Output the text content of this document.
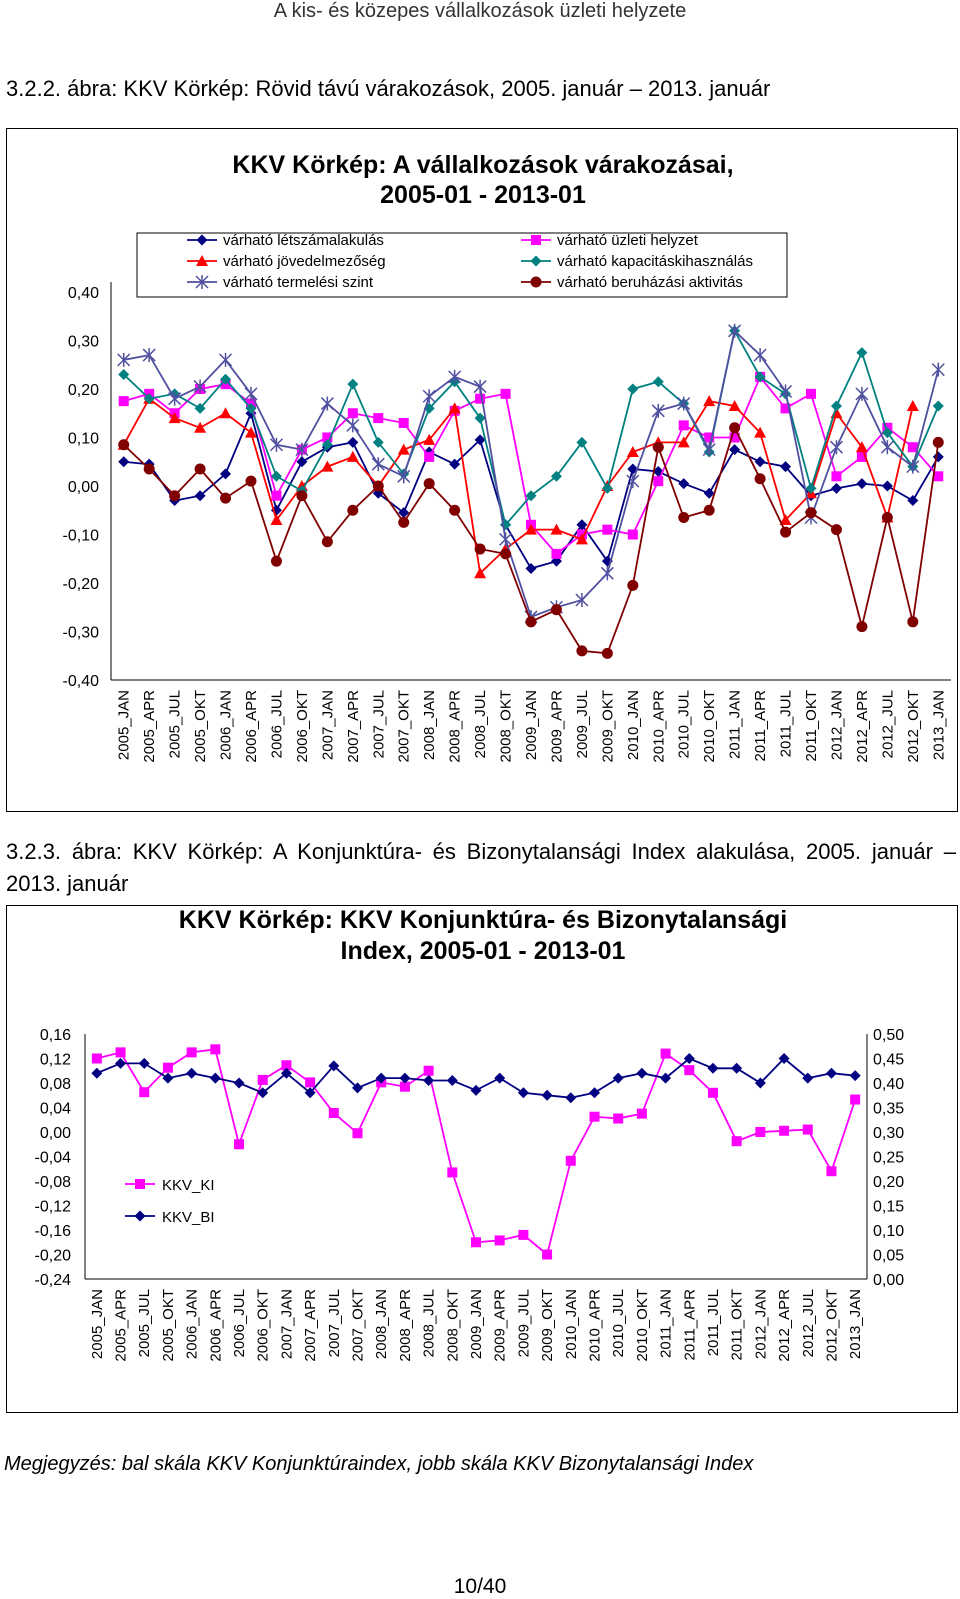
A kis- és közepes vállalkozások üzleti helyzete
3.2.2. ábra: KKV Körkép: Rövid távú várakozások, 2005. január – 2013. január
KKV Körkép: A vállalkozások várakozásai,
2005-01 - 2013-01
várható létszámalakulás
várható jövedelmezőség
várható termelési szint
várható üzleti helyzet
várható kapacitáskihasználás
várható beruházási aktivitás
0,40
0,30
0,20
0,10
0,00
-0,10
-0,20
-0,30
-0,40
2005_JAN 2005_APR 2005_JUL 2005_OKT 2006_JAN 2006_APR 2006_JUL 2006_OKT 2007_JAN 2007_APR 2007_JUL 2007_OKT 2008_JAN 2008_APR 2008_JUL 2008_OKT 2009_JAN 2009_APR 2009_JUL 2009_OKT 2010_JAN 2010_APR 2010_JUL 2010_OKT 2011_JAN 2011_APR 2011_JUL 2011_OKT 2012_JAN 2012_APR 2012_JUL 2012_OKT 2013_JAN
3.2.3. ábra: KKV Körkép: A Konjunktúra- és Bizonytalansági Index alakulása, 2005. január – 2013. január
KKV Körkép: KKV Konjunktúra- és Bizonytalansági
Index, 2005-01 - 2013-01
0,16
0,12
0,08
0,04
0,00
-0,04
-0,08
-0,12
-0,16
-0,20
-0,24
0,50
0,45
0,40
0,35
0,30
0,25
0,20
0,15
0,10
0,05
0,00
KKV_KI
KKV_BI
2005_JAN 2005_APR 2005_JUL 2005_OKT 2006_JAN 2006_APR 2006_JUL 2006_OKT 2007_JAN 2007_APR 2007_JUL 2007_OKT 2008_JAN 2008_APR 2008_JUL 2008_OKT 2009_JAN 2009_APR 2009_JUL 2009_OKT 2010_JAN 2010_APR 2010_JUL 2010_OKT 2011_JAN 2011_APR 2011_JUL 2011_OKT 2012_JAN 2012_APR 2012_JUL 2012_OKT 2013_JAN
Megjegyzés: bal skála KKV Konjunktúraindex, jobb skála KKV Bizonytalansági Index
10/40
